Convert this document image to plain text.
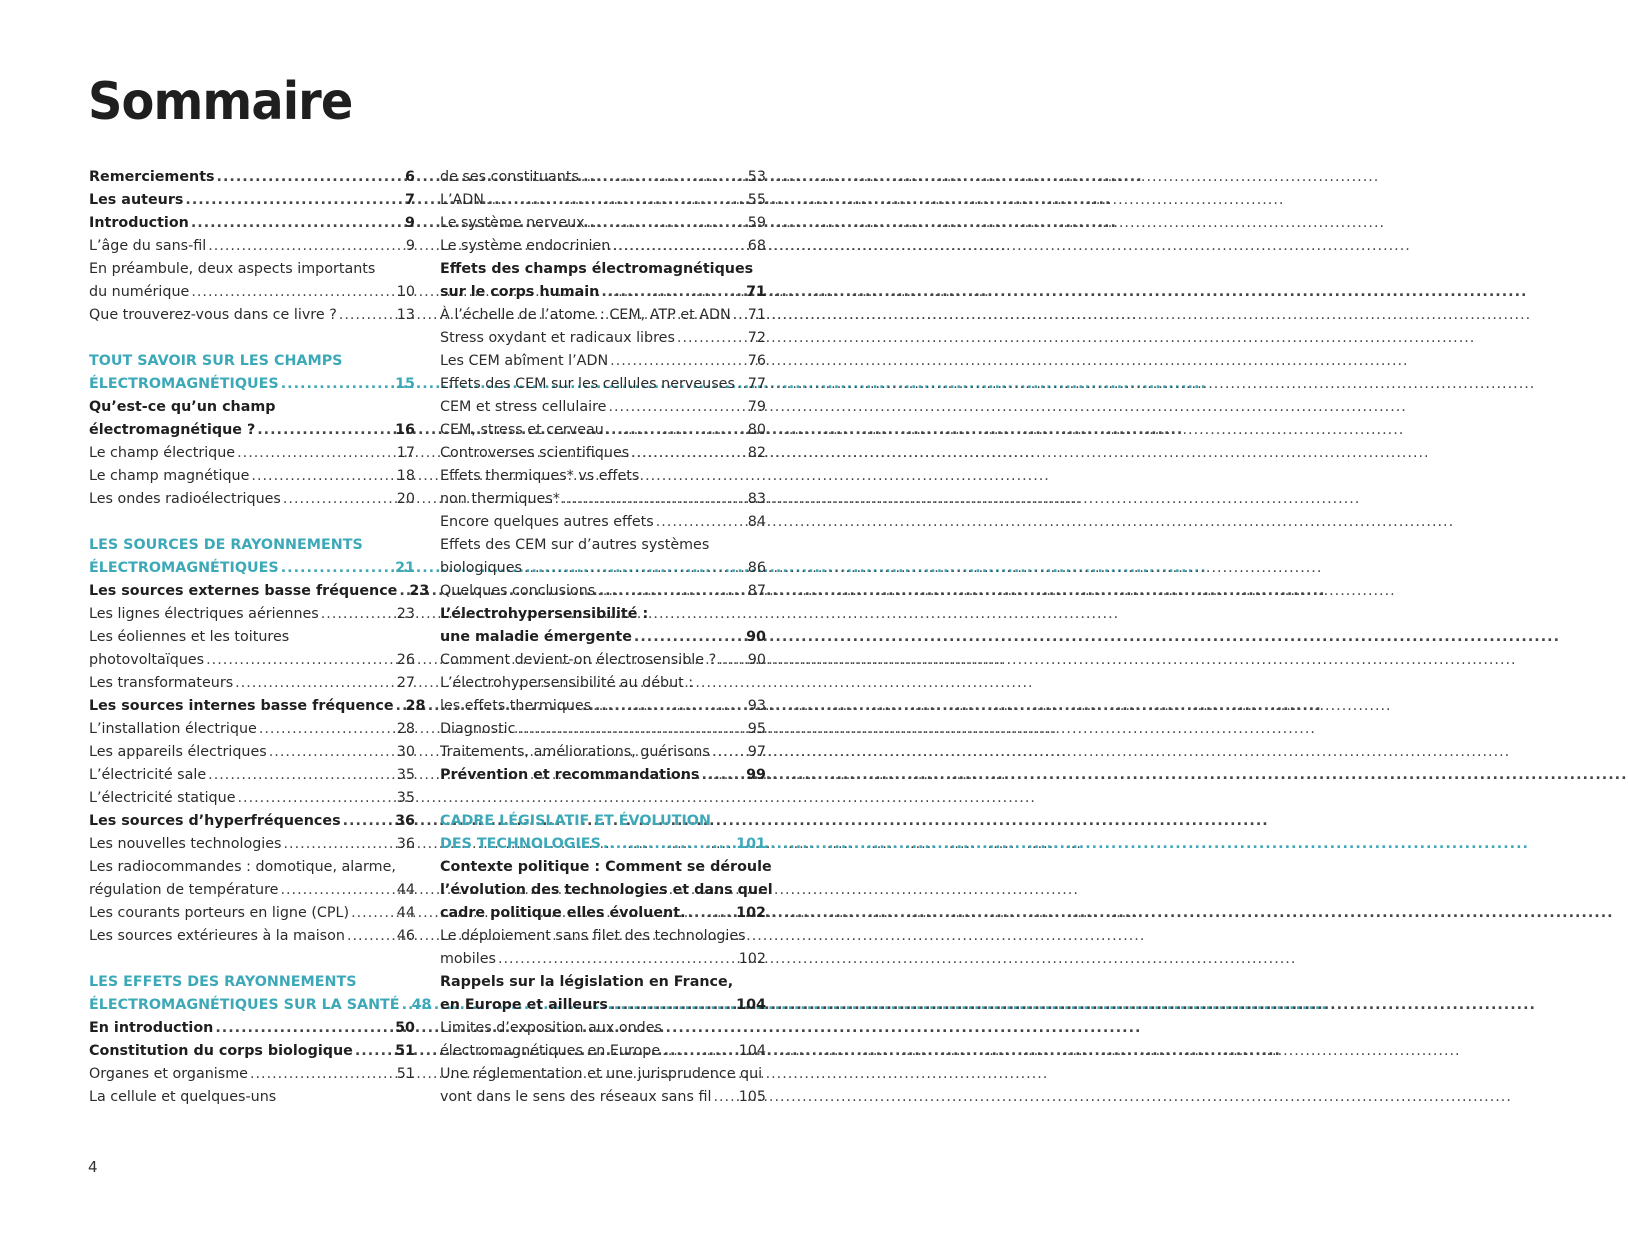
Sommaire
Remerciements .....	6
Les auteurs .....	7
Introduction .....	9
L’âge du sans-fil .....	9
En préambule, deux aspects importants
du numérique .....	10
Que trouverez-vous dans ce livre ? .....	13
TOUT SAVOIR SUR LES CHAMPS
ÉLECTROMAGNÉTIQUES .....	15
Qu’est-ce qu’un champ
électromagnétique ? .....	16
Le champ électrique .....	17
Le champ magnétique .....	18
Les ondes radioélectriques .....	20
LES SOURCES DE RAYONNEMENTS
ÉLECTROMAGNÉTIQUES .....	21
Les sources externes basse fréquence ..... 23
Les lignes électriques aériennes .....	23
Les éoliennes et les toitures
photovoltaïques .....	26
Les transformateurs .....	27
Les sources internes basse fréquence ..... 28
L’installation électrique .....	28
Les appareils électriques .....	30
L’électricité sale .....	35
L’électricité statique .....	35
Les sources d’hyperfréquences .....	36
Les nouvelles technologies .....	36
Les radiocommandes : domotique, alarme,
régulation de température .....	44
Les courants porteurs en ligne (CPL) .....	44
Les sources extérieures à la maison .....	46
LES EFFETS DES RAYONNEMENTS
ÉLECTROMAGNÉTIQUES SUR LA SANTÉ ..... 48
En introduction .....	50
Constitution du corps biologique .....	51
Organes et organisme .....	51
La cellule et quelques-uns
de ses constituants .....	53
L’ADN .....	55
Le système nerveux .....	59
Le système endocrinien .....	68
Effets des champs électromagnétiques
sur le corps humain .....	71
À l’échelle de l’atome : CEM, ATP et ADN ..... 71
Stress oxydant et radicaux libres .....	72
Les CEM abîment l’ADN .....	76
Effets des CEM sur les cellules nerveuses ..... 77
CEM et stress cellulaire .....	79
CEM, stress et cerveau .....	80
Controverses scientifiques .....	82
Effets thermiques* vs effets
non thermiques* .....	83
Encore quelques autres effets .....	84
Effets des CEM sur d’autres systèmes
biologiques .....	86
Quelques conclusions .....	87
L’électrohypersensibilité :
une maladie émergente .....	90
Comment devient-on électrosensible ? ..... 90
L’électrohypersensibilité au début :
les effets thermiques .....	93
Diagnostic .....	95
Traitements, améliorations, guérisons .....	97
Prévention et recommandations .....	99
CADRE LÉGISLATIF ET ÉVOLUTION
DES TECHNOLOGIES .....	101
Contexte politique : Comment se déroule
l’évolution des technologies et dans quel
cadre politique elles évoluent. .....	102
Le déploiement sans filet des technologies
mobiles .....	102
Rappels sur la législation en France,
en Europe et ailleurs .....	104
Limites d’exposition aux ondes
électromagnétiques en Europe .....	104
Une réglementation et une jurisprudence qui
vont dans le sens des réseaux sans fil ..... 105
4
